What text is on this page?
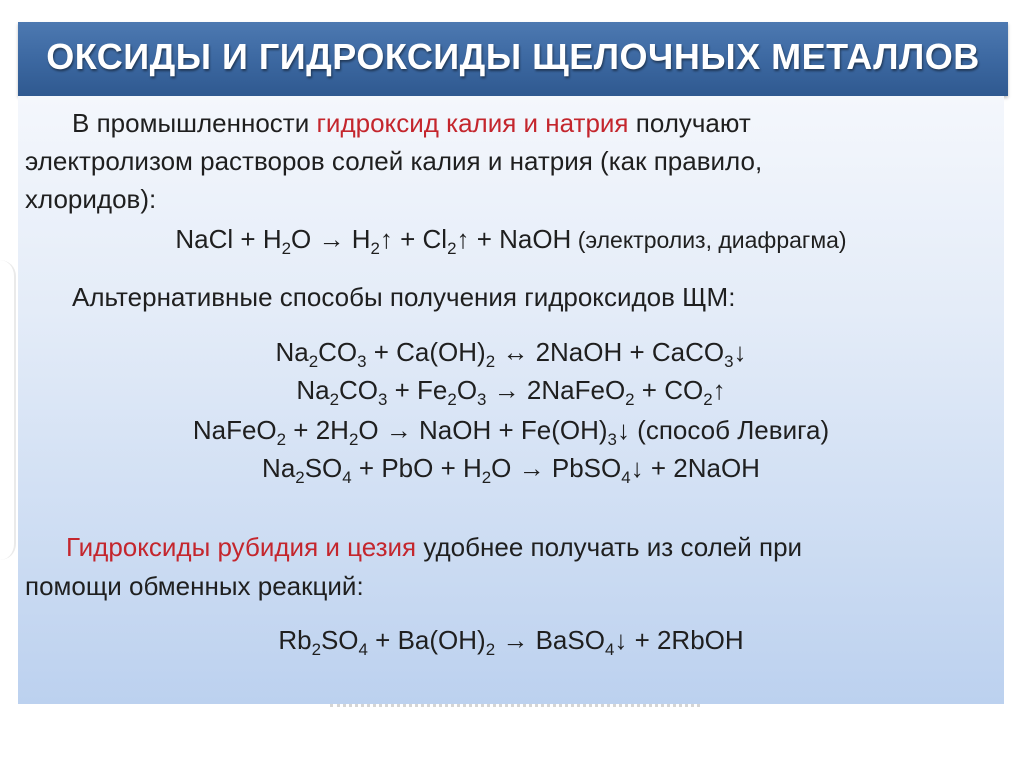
ОКСИДЫ И ГИДРОКСИДЫ ЩЕЛОЧНЫХ МЕТАЛЛОВ
В промышленности гидроксид калия и натрия получают
электролизом растворов солей калия и натрия (как правило,
хлоридов):
NaCl + $H_2O$ → $H_2↑$ + $Cl_2↑$ + NaOH (электролиз, диафрагма)
Альтернативные способы получения гидроксидов ЩМ:
$Na_2CO_3 + Ca(OH)_2$ ↔ 2NaOH + CaCO$_3$↓
$Na_2CO_3 + Fe_2O_3$ → 2NaFeO$_2$ + $CO_2↑$
NaFeO$_2$ + $2H_2O$ → NaOH + $Fe(OH)_3↓$ (способ Левига)
$Na_2SO_4$ + PbO + $H_2O$ → PbSO$_4$↓ + 2NaOH
Гидроксиды рубидия и цезия удобнее получать из солей при
помощи обменных реакций:
$Rb_2SO_4 + Ba(OH)_2$ → BaSO$_4$↓ + 2RbOH
